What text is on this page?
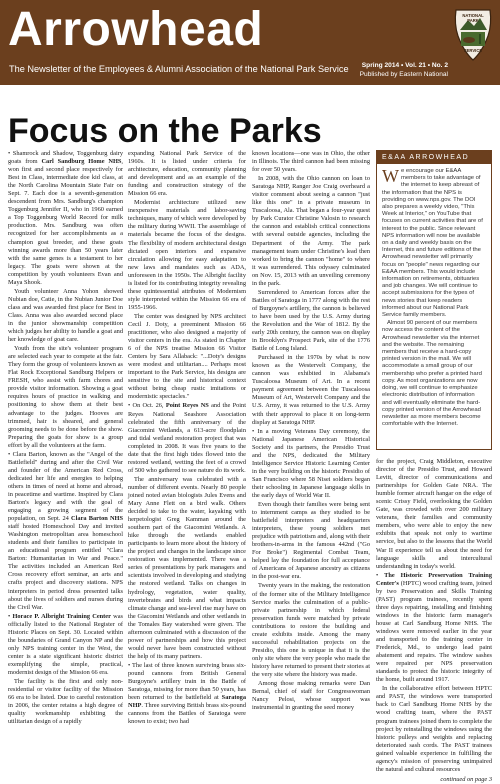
Arrowhead
The Newsletter of the Employees & Alumni Association of the National Park Service	Spring 2014 • Vol. 21 • No. 2
Published by Eastern National
NATIONAL
PARK
SERVICE
Focus on the Parks

• Shamrock and Shadow, Toggenburg dairy goats from Carl Sandburg Home NHS, won first and second place respectively for Best in Class, intermediate doe kid class, at the North Carolina Mountain State Fair on Sept. 7. Each doe is a seventh-generation descendent from Mrs. Sandburg's champion Toggenburg Jennifer II, who in 1960 earned a Top Toggenburg World Record for milk production. Mrs. Sandburg was often recognized for her accomplishments as a champion goat breeder, and these goats winning awards more than 50 years later with the same genes is a testament to her legacy. The goats were shown at the competition by youth volunteers Evan and Maya Shook.

Youth volunteer Anna Yohon showed Nubian doe, Catie, in the Nubian Junior Doe class and was awarded first place for Best in Class. Anna was also awarded second place in the junior showmanship competition which judges her ability to handle a goat and her knowledge of goat care.

Youth from the site's volunteer program are selected each year to compete at the fair. They form the group of volunteers known as Flat Rock Exceptional Sandburg Helpers or FRESH, who assist with farm chores and provide visitor information. Showing a goat requires hours of practice in walking and positioning to show them at their best advantage to the judges. Hooves are trimmed, hair is sheared, and general grooming needs to be done before the show. Preparing the goats for show is a group effort by all the volunteers at the farm.

• Clara Barton, known as the "Angel of the Battlefield" during and after the Civil War and founder of the American Red Cross, dedicated her life and energies to helping others in times of need at home and abroad, in peacetime and wartime. Inspired by Clara Barton's legacy and with the goal of engaging a growing segment of the population, on Sept. 24 Clara Barton NHS staff hosted Homeschool Day and invited Washington metropolitan area homeschool students and their families to participate in an educational program entitled "Clara Barton: Humanitarian in War and Peace." The activities included an American Red Cross recovery effort seminar, an arts and crafts project and discovery stations. NPS interpreters in period dress presented talks about the lives of soldiers and nurses during the Civil War.

• Horace P. Albright Training Center was officially listed to the National Register of Historic Places on Sept. 30. Located within the boundaries of Grand Canyon NP and the only NPS training center in the West, the center is a state significant historic district exemplifying the simple, practical, modernist design of the Mission 66 era.

The facility is the first and only non-residential or visitor facility of the Mission 66 era to be listed. Due to careful restoration in 2006, the center retains a high degree of quality workmanship exhibiting the utilitarian design of a rapidly

expanding National Park Service of the 1960s. It is listed under criteria for architecture, education, community planning and development and as an example of the funding and construction strategy of the Mission 66 era.

Modernist architecture utilized new inexpensive materials and labor-saving techniques, many of which were developed by the military during WWII. The assemblage of materials became the focus of the designs. The flexibility of modern architectural design dictated open interiors and expansive circulation allowing for easy adaptation to new laws and mandates such as ADA, unforeseen in the 1950s. The Albright facility is listed for its contributing integrity revealing these quintessential attributes of Modernism style interpreted within the Mission 66 era of 1955-1966.

The center was designed by NPS architect Cecil J. Doty, a preeminent Mission 66 practitioner, who also designed a majority of visitor centers in the era. As stated in Chapter 6 of the NPS treatise Mission 66 Visitor Centers by Sara Allaback: "...Doty's designs were modest and utilitarian.... Perhaps most important to the Park Service, his designs are sensitive to the site and historical context without being cheap rustic imitations or modernistic spectacles."

• On Oct. 26, Point Reyes NS and the Point Reyes National Seashore Association celebrated the fifth anniversary of the Giacomini Wetlands, a 613-acre floodplain and tidal wetland restoration project that was completed in 2008. It was five years to the date that the first high tides flowed into the restored wetland, wetting the feet of a crowd of 500 who gathered to see nature do its work.

The anniversary was celebrated with a number of different events. Nearly 80 people joined noted avian biologists Jules Evens and Mary Anne Flett on a bird walk. Others decided to take to the water, kayaking with herpetologist Greg Kamman around the southern part of the Giacomini Wetlands. A hike through the wetlands enabled participants to learn more about the history of the project and changes in the landscape since restoration was implemented. There was a series of presentations by park managers and scientists involved in developing and studying the restored wetland. Talks on changes in hydrology, vegetation, water quality, invertebrates and birds and what impacts climate change and sea-level rise may have on the Giacomini Wetlands and other wetlands in the Tomales Bay watershed were given. The afternoon culminated with a discussion of the power of partnerships and how this project would never have been constructed without the help of its many partners.

• The last of three known surviving brass six-pound cannons from British General Burgoyne's artillery train in the Battle of Saratoga, missing for more than 50 years, has been returned to the battlefield at Saratoga NHP. Three surviving British brass six-pound cannons from the Battles of Saratoga were known to exist; two had

known locations—one was in Ohio, the other in Illinois. The third cannon had been missing for over 50 years.

In 2008, with the Ohio cannon on loan to Saratoga NHP, Ranger Joe Craig overheard a visitor comment about seeing a cannon "just like this one" in a private museum in Tuscaloosa, Ala. That began a four-year quest by Park Curator Christine Valosin to research the cannon and establish critical connections with several outside agencies, including the Department of the Army. The park management team under Christine's lead then worked to bring the cannon "home" to where it was surrendered. This odyssey culminated on Nov. 15, 2013 with an unveiling ceremony in the park.

Surrendered to American forces after the Battles of Saratoga in 1777 along with the rest of Burgoyne's artillery, the cannon is believed to have been used by the U.S. Army during the Revolution and the War of 1812. By the early 20th century, the cannon was on display in Brooklyn's Prospect Park, site of the 1776 Battle of Long Island.

Purchased in the 1970s by what is now known as the Westervelt Company, the cannon was exhibited in Alabama's Tuscaloosa Museum of Art. In a recent payment agreement between the Tuscaloosa Museum of Art, Westervelt Company and the U.S. Army, it was returned to the U.S. Army with their approval to place it on long-term display at Saratoga NHP.

• In a moving Veterans Day ceremony, the National Japanese American Historical Society and its partners, the Presidio Trust and the NPS, dedicated the Military Intelligence Service Historic Learning Center in the very building on the historic Presidio of San Francisco where 58 Nisei soldiers began their schooling in Japanese language skills in the early days of World War II.

Even though their families were being sent to internment camps as they studied to be battlefield interpreters and headquarters interpreters, these young soldiers met prejudice with patriotism and, along with their brothers-in-arms in the famous 442nd ("Go For Broke") Regimental Combat Team, helped lay the foundation for full acceptance of Americans of Japanese ancestry as citizens in the post-war era.

Twenty years in the making, the restoration of the former site of the Military Intelligence Service marks the culmination of a public-private partnership in which federal preservation funds were matched by private contributions to restore the building and create exhibits inside. Among the many successful rehabilitation projects on the Presidio, this one is unique in that it is the only site where the very people who made the history have returned to present their stories at the very site where the history was made.

Among those making remarks were Dan Bernal, chief of staff for Congresswoman Nancy Pelosi, whose support was instrumental in granting the seed money

E&AA ARROWHEAD

We encourage our E&AA members to take advantage of the internet to keep abreast of the information that the NPS is providing on www.nps.gov. The DOI also prepares a weekly video, "This Week at Interior," on YouTube that focuses on current activities that are of interest to the public. Since relevant NPS information will now be available on a daily and weekly basis on the Internet, this and future editions of the Arrowhead newsletter will primarily focus on "people" news regarding our E&AA members. This would include information on retirements, obituaries and job changes. We will continue to accept submissions for the types of news stories that keep readers informed about our National Park Service family members.

Almost 90 percent of our members now access the content of the Arrowhead newsletter via the internet and the website. The remaining members that receive a hard-copy printed version in the mail. We will accommodate a small group of our membership who prefer a printed hard copy. As most organizations are now doing, we will continue to emphasize electronic distribution of information and will eventually eliminate the hard-copy printed version of the Arrowhead newsletter as more members become comfortable with the Internet.

for the project, Craig Middleton, executive director of the Presidio Trust, and Howard Levitt, director of communications and partnerships for Golden Gate NRA. The humble former aircraft hangar on the edge of scenic Crissy Field, overlooking the Golden Gate, was crowded with over 200 military veterans, their families and community members, who were able to enjoy the new exhibits that speak not only to wartime service, but also to the lessons that the World War II experience tell us about the need for language skills and intercultural understanding in today's world.

• The Historic Preservation Training Center's (HPTC) wood crafting team, joined by two Preservation and Skills Training (PAST) program trainees, recently spent three days repairing, installing and finishing windows in the historic farm manager's house at Carl Sandburg Home NHS. The windows were removed earlier in the year and transported to the training center in Frederick, Md., to undergo lead paint abatement and repairs. The window sashes were repaired per NPS preservation standards to protect the historic integrity of the home, built around 1917.

In the collaborative effort between HPTC and PAST, the windows were transported back to Carl Sandburg Home NHS by the wood crafting team, where the PAST program trainees joined them to complete the project by reinstalling the windows using the historic pulleys and weights and replacing deteriorated sash cords. The PAST trainees gained valuable experience in fulfilling the agency's mission of preserving unimpaired the natural and cultural resources

continued on page 3
